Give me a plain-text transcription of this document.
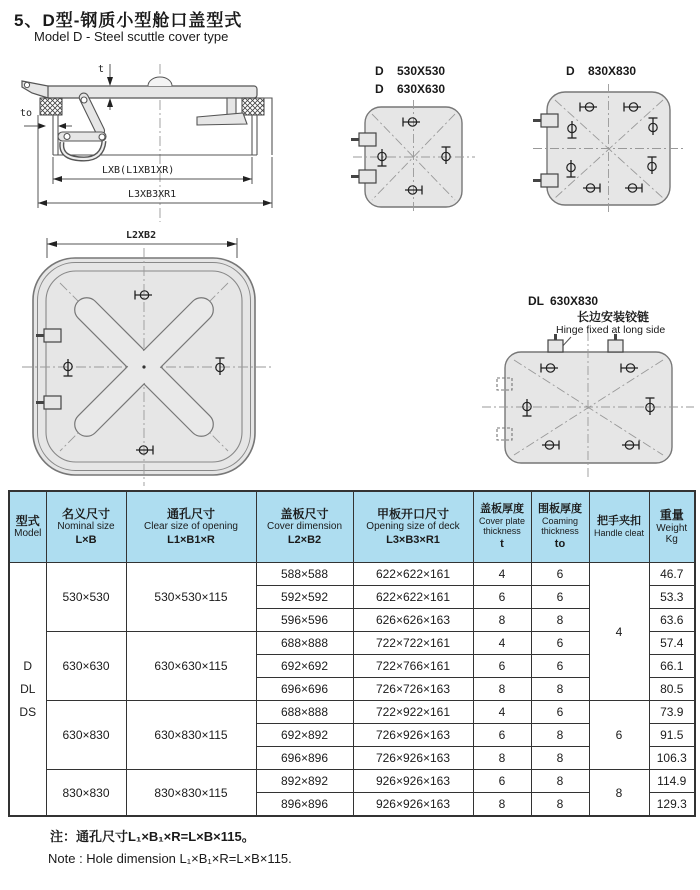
5、D型-钢质小型舱口盖型式
Model D - Steel scuttle cover type
t
to
LXB(L1XB1XR)
L3XB3XR1
L2XB2
D 530X530
D 630X630
D 830X830
DL 630X830
长边安装铰链
Hinge fixed at long side
型式
Model

名义尺寸
Nominal size
L×B

通孔尺寸
Clear size of opening
L1×B1×R

盖板尺寸
Cover dimension
L2×B2

甲板开口尺寸
Opening size of deck
L3×B3×R1

盖板厚度
Cover plate
thickness
t

围板厚度
Coaming
thickness
to

把手夹扣
Handle cleat

重量
Weight
Kg

D
DL
DS	530×530	530×530×115	588×588	622×622×161	4	6	4	46.7
			592×592	622×622×161	6	6		53.3
			596×596	626×626×163	8	8		63.6
	630×630	630×630×115	688×888	722×722×161	4	6		57.4
			692×692	722×766×161	6	6		66.1
			696×696	726×726×163	8	8		80.5
	630×830	630×830×115	688×888	722×922×161	4	6	6	73.9
			692×892	726×926×163	6	8		91.5
			696×896	726×926×163	8	8		106.3
	830×830	830×830×115	892×892	926×926×163	6	8	8	114.9
			896×896	926×926×163	8	8		129.3
注：通孔尺寸L₁×B₁×R=L×B×115。
Note : Hole dimension L₁×B₁×R=L×B×115.
